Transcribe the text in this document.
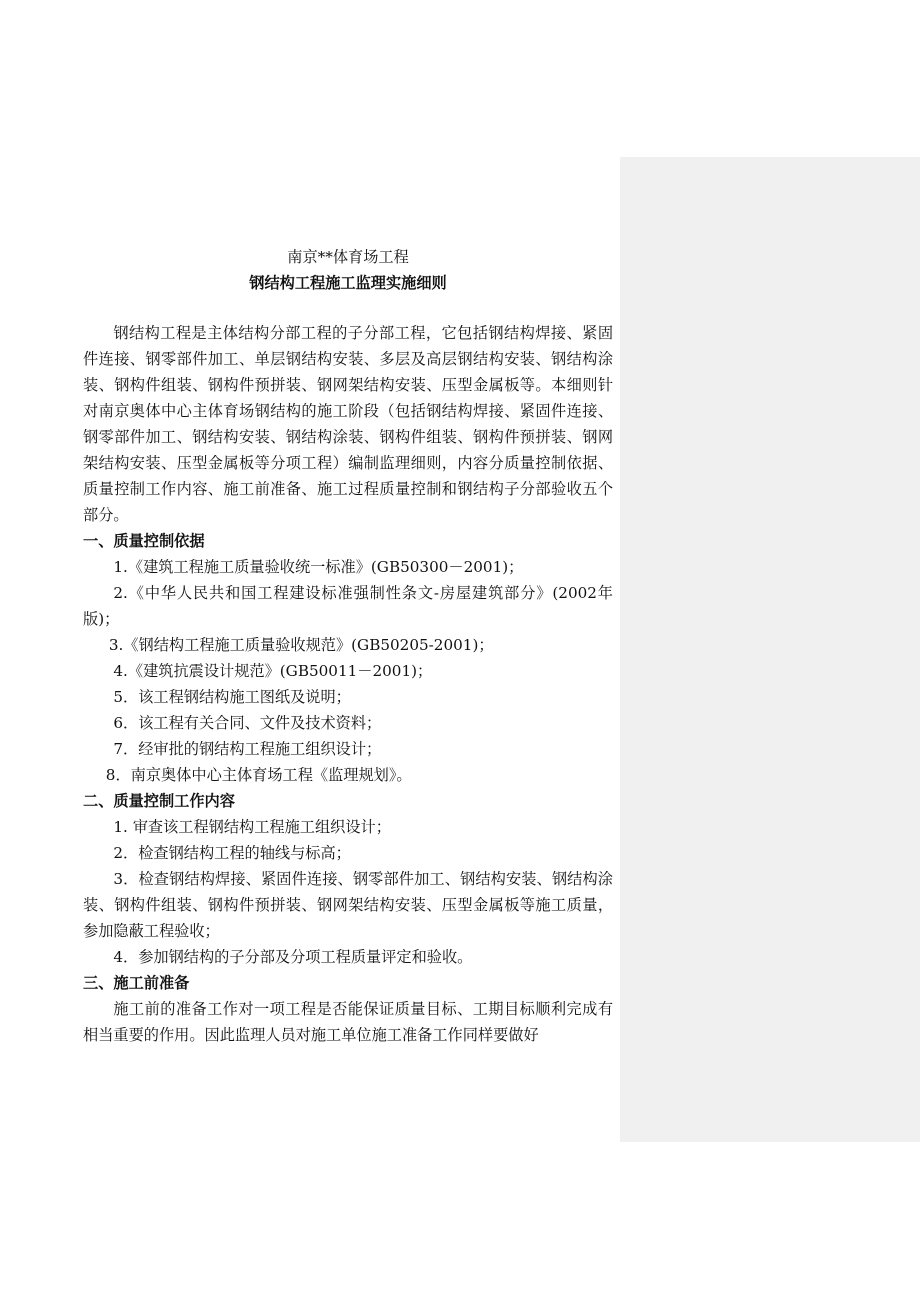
南京**体育场工程

钢结构工程施工监理实施细则

钢结构工程是主体结构分部工程的子分部工程，它包括钢结构焊接、紧固件连接、钢零部件加工、单层钢结构安装、多层及高层钢结构安装、钢结构涂装、钢构件组装、钢构件预拼装、钢网架结构安装、压型金属板等。本细则针对南京奥体中心主体育场钢结构的施工阶段（包括钢结构焊接、紧固件连接、钢零部件加工、钢结构安装、钢结构涂装、钢构件组装、钢构件预拼装、钢网架结构安装、压型金属板等分项工程）编制监理细则，内容分质量控制依据、质量控制工作内容、施工前准备、施工过程质量控制和钢结构子分部验收五个部分。

一、质量控制依据

1.《建筑工程施工质量验收统一标准》(GB50300－2001)；

2.《中华人民共和国工程建设标准强制性条文-房屋建筑部分》(2002年版)；

3.《钢结构工程施工质量验收规范》(GB50205-2001)；

4.《建筑抗震设计规范》(GB50011－2001)；

5．该工程钢结构施工图纸及说明；

6．该工程有关合同、文件及技术资料；

7．经审批的钢结构工程施工组织设计；

8．南京奥体中心主体育场工程《监理规划》。

二、质量控制工作内容

1. 审查该工程钢结构工程施工组织设计；

2．检查钢结构工程的轴线与标高；

3．检查钢结构焊接、紧固件连接、钢零部件加工、钢结构安装、钢结构涂装、钢构件组装、钢构件预拼装、钢网架结构安装、压型金属板等施工质量，参加隐蔽工程验收；

4．参加钢结构的子分部及分项工程质量评定和验收。

三、施工前准备

施工前的准备工作对一项工程是否能保证质量目标、工期目标顺利完成有相当重要的作用。因此监理人员对施工单位施工准备工作同样要做好
